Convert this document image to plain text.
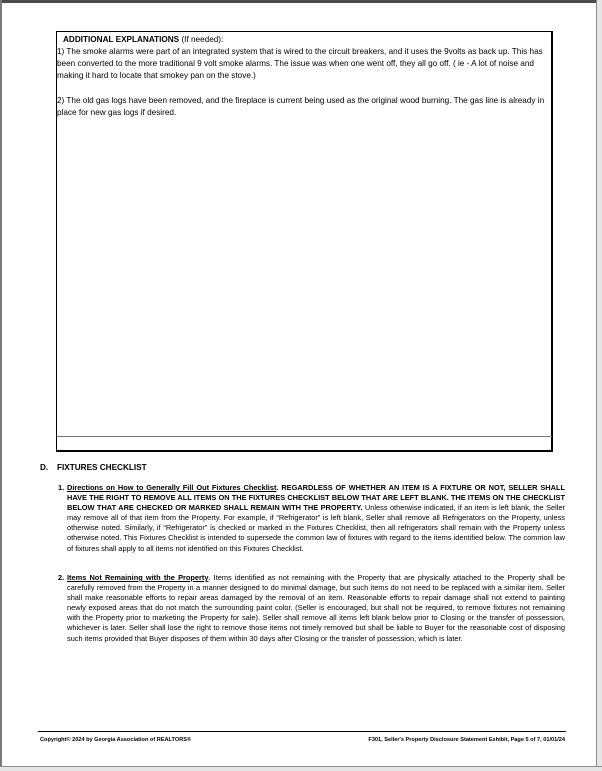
ADDITIONAL EXPLANATIONS (If needed):
1) The smoke alarms were part of an integrated system that is wired to the circuit breakers, and it uses the 9volts as back up. This has been converted to the more traditional 9 volt smoke alarms. The issue was when one went off, they all go off. ( ie - A lot of noise and making it hard to locate that smokey pan on the stove.)
2) The old gas logs have been removed, and the fireplace is current being used as the original wood burning. The gas line is already in place for new gas logs if desired.
D. FIXTURES CHECKLIST
1. Directions on How to Generally Fill Out Fixtures Checklist. REGARDLESS OF WHETHER AN ITEM IS A FIXTURE OR NOT, SELLER SHALL HAVE THE RIGHT TO REMOVE ALL ITEMS ON THE FIXTURES CHECKLIST BELOW THAT ARE LEFT BLANK. THE ITEMS ON THE CHECKLIST BELOW THAT ARE CHECKED OR MARKED SHALL REMAIN WITH THE PROPERTY. Unless otherwise indicated, if an item is left blank, the Seller may remove all of that item from the Property. For example, if “Refrigerator” is left blank, Seller shall remove all Refrigerators on the Property, unless otherwise noted. Similarly, if “Refrigerator” is checked or marked in the Fixtures Checklist, then all refrigerators shall remain with the Property unless otherwise noted. This Fixtures Checklist is intended to supersede the common law of fixtures with regard to the items identified below. The common law of fixtures shall apply to all items not identified on this Fixtures Checklist.
2. Items Not Remaining with the Property. Items identified as not remaining with the Property that are physically attached to the Property shall be carefully removed from the Property in a manner designed to do minimal damage, but such items do not need to be replaced with a similar item. Seller shall make reasonable efforts to repair areas damaged by the removal of an item. Reasonable efforts to repair damage shall not extend to painting newly exposed areas that do not match the surrounding paint color. (Seller is encouraged, but shall not be required, to remove fixtures not remaining with the Property prior to marketing the Property for sale). Seller shall remove all items left blank below prior to Closing or the transfer of possession, whichever is later. Seller shall lose the right to remove those items not timely removed but shall be liable to Buyer for the reasonable cost of disposing such items provided that Buyer disposes of them within 30 days after Closing or the transfer of possession, which is later.
Copyright© 2024 by Georgia Association of REALTORS®	F301, Seller's Property Disclosure Statement Exhibit, Page 5 of 7, 01/01/24
